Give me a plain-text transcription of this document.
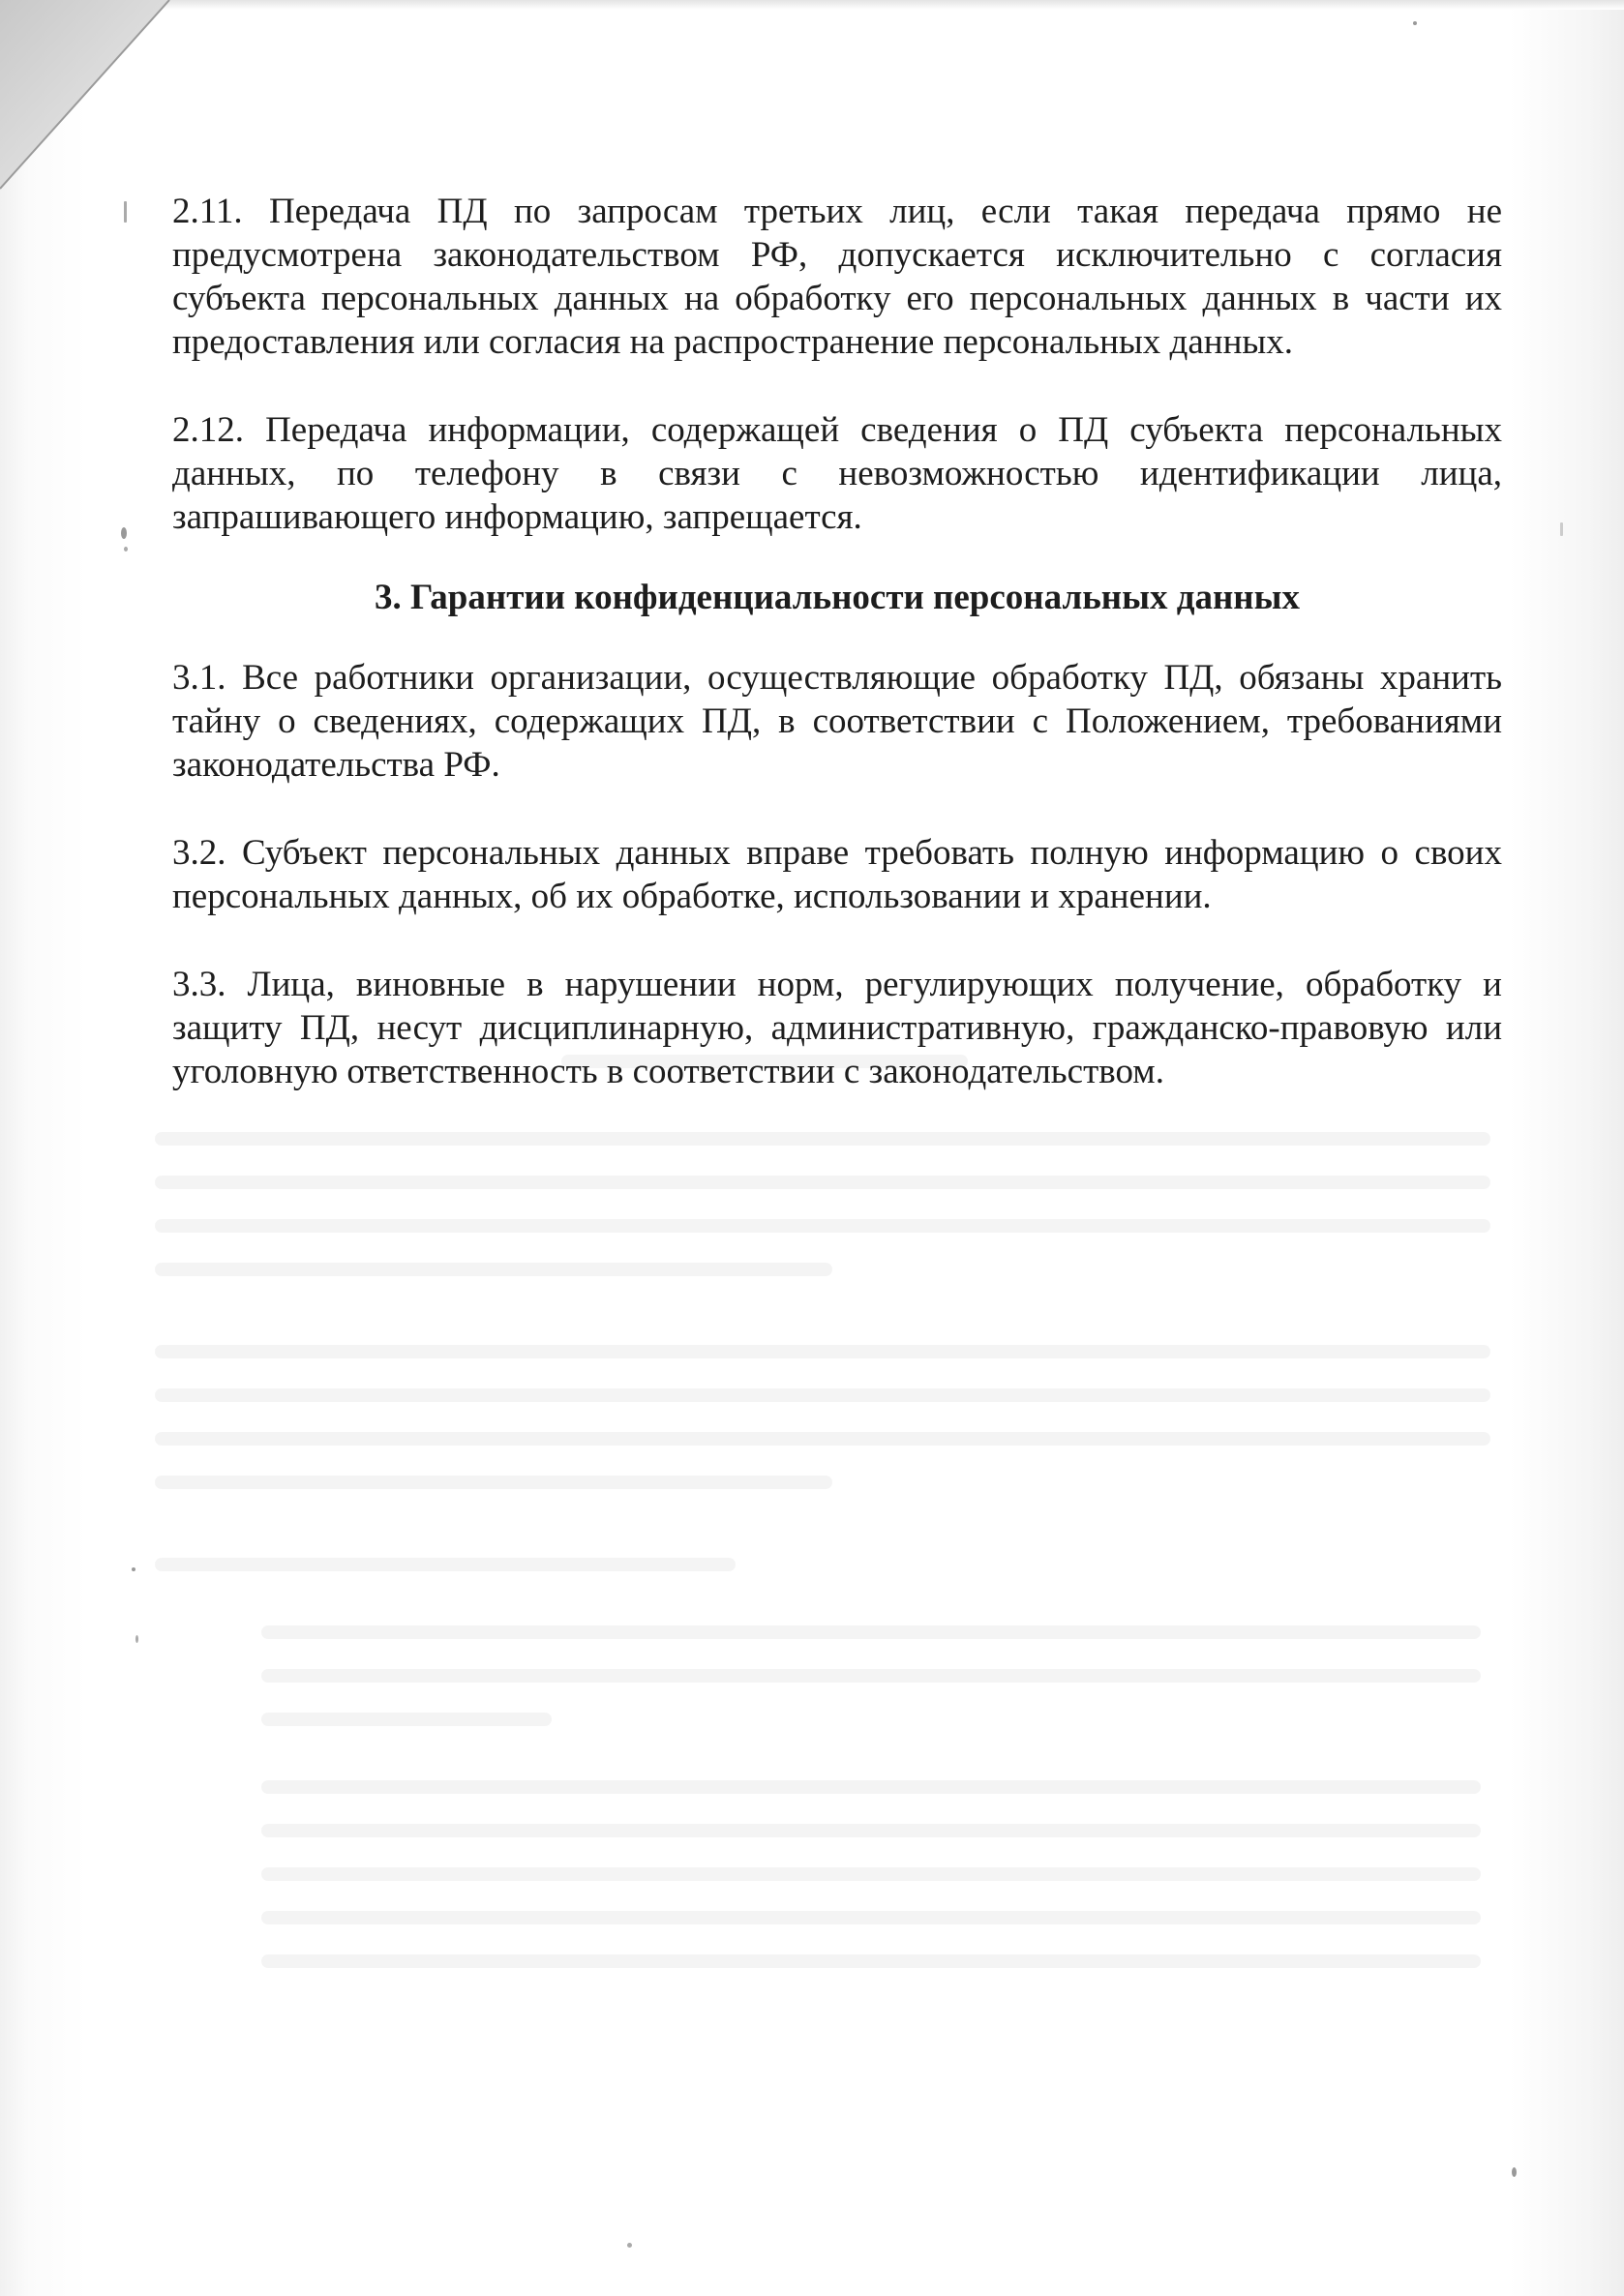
2.11. Передача ПД по запросам третьих лиц, если такая передача прямо не предусмотрена законодательством РФ, допускается исключительно с согласия субъекта персональных данных на обработку его персональных данных в части их предоставления или согласия на распространение персональных данных.

2.12. Передача информации, содержащей сведения о ПД субъекта персональных данных, по телефону в связи с невозможностью идентификации лица, запрашивающего информацию, запрещается.

3. Гарантии конфиденциальности персональных данных

3.1. Все работники организации, осуществляющие обработку ПД, обязаны хранить тайну о сведениях, содержащих ПД, в соответствии с Положением, требованиями законодательства РФ.

3.2. Субъект персональных данных вправе требовать полную информацию о своих персональных данных, об их обработке, использовании и хранении.

3.3. Лица, виновные в нарушении норм, регулирующих получение, обработку и защиту ПД, несут дисциплинарную, административную, гражданско-правовую или уголовную ответственность в соответствии с законодательством.
